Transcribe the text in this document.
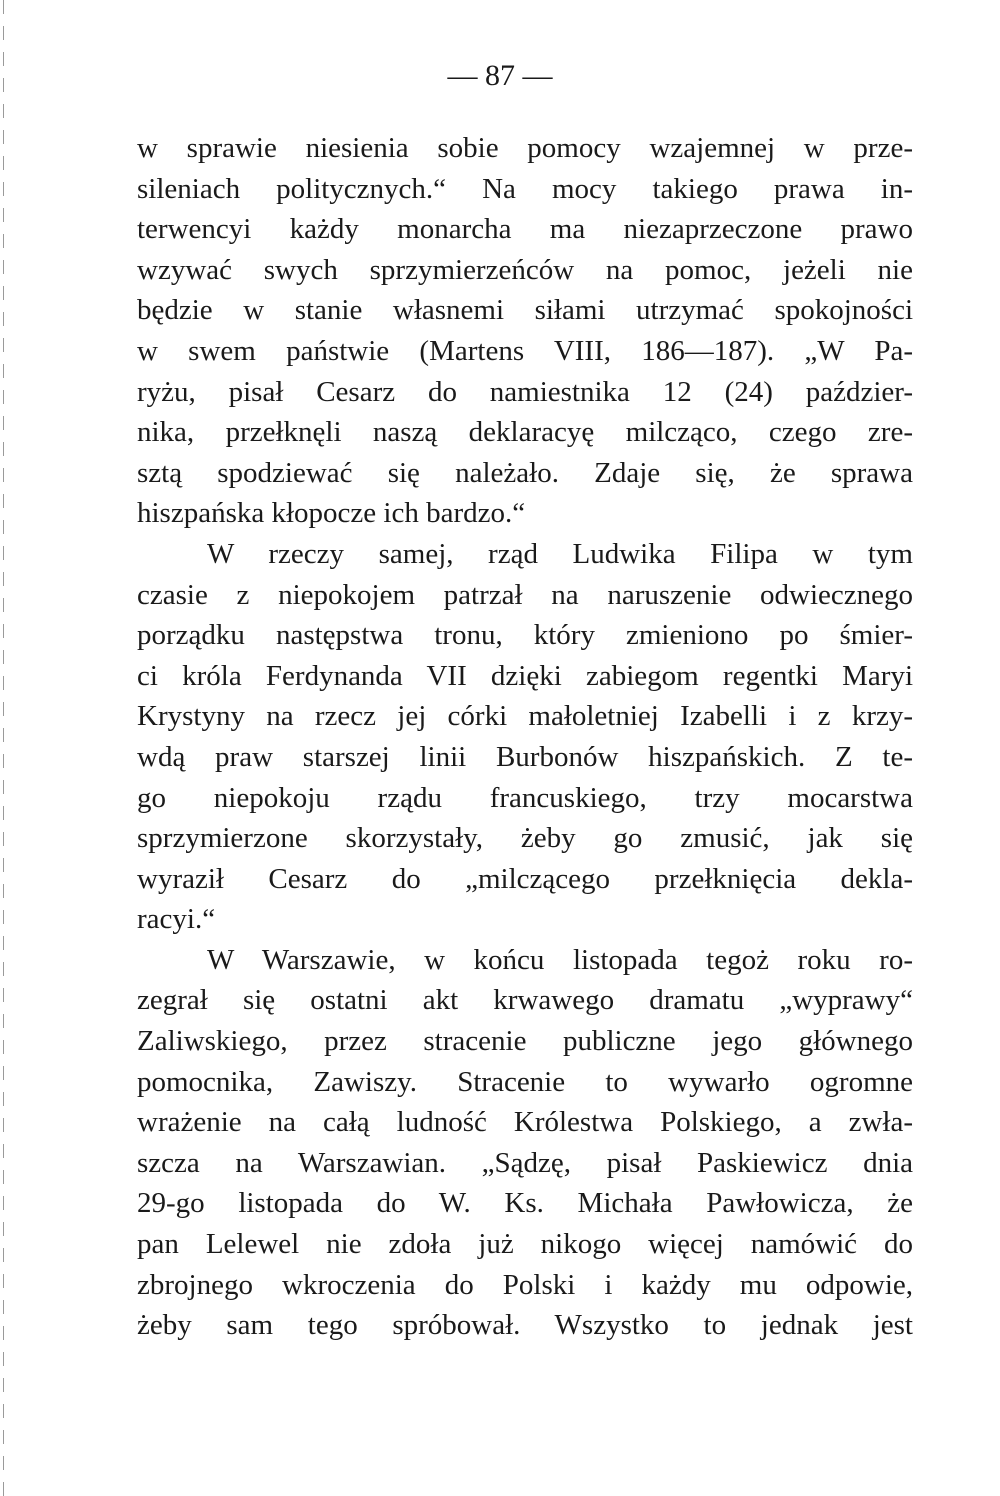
— 87 —
w sprawie niesienia sobie pomocy wzajemnej w prze-
sileniach politycznych.“ Na mocy takiego prawa in-
terwencyi każdy monarcha ma niezaprzeczone prawo
wzywać swych sprzymierzeńców na pomoc, jeżeli nie
będzie w stanie własnemi siłami utrzymać spokojności
w swem państwie (Martens VIII, 186—187). „W Pa-
ryżu, pisał Cesarz do namiestnika 12 (24) paździer-
nika, przełknęli naszą deklaracyę milcząco, czego zre-
sztą spodziewać się należało. Zdaje się, że sprawa
hiszpańska kłopocze ich bardzo.“
W rzeczy samej, rząd Ludwika Filipa w tym
czasie z niepokojem patrzał na naruszenie odwiecznego
porządku następstwa tronu, który zmieniono po śmier-
ci króla Ferdynanda VII dzięki zabiegom regentki Maryi
Krystyny na rzecz jej córki małoletniej Izabelli i z krzy-
wdą praw starszej linii Burbonów hiszpańskich. Z te-
go niepokoju rządu francuskiego, trzy mocarstwa
sprzymierzone skorzystały, żeby go zmusić, jak się
wyraził Cesarz do „milczącego przełknięcia dekla-
racyi.“
W Warszawie, w końcu listopada tegoż roku ro-
zegrał się ostatni akt krwawego dramatu „wyprawy“
Zaliwskiego, przez stracenie publiczne jego głównego
pomocnika, Zawiszy. Stracenie to wywarło ogromne
wrażenie na całą ludność Królestwa Polskiego, a zwła-
szcza na Warszawian. „Sądzę, pisał Paskiewicz dnia
29-go listopada do W. Ks. Michała Pawłowicza, że
pan Lelewel nie zdoła już nikogo więcej namówić do
zbrojnego wkroczenia do Polski i każdy mu odpowie,
żeby sam tego spróbował. Wszystko to jednak jest
